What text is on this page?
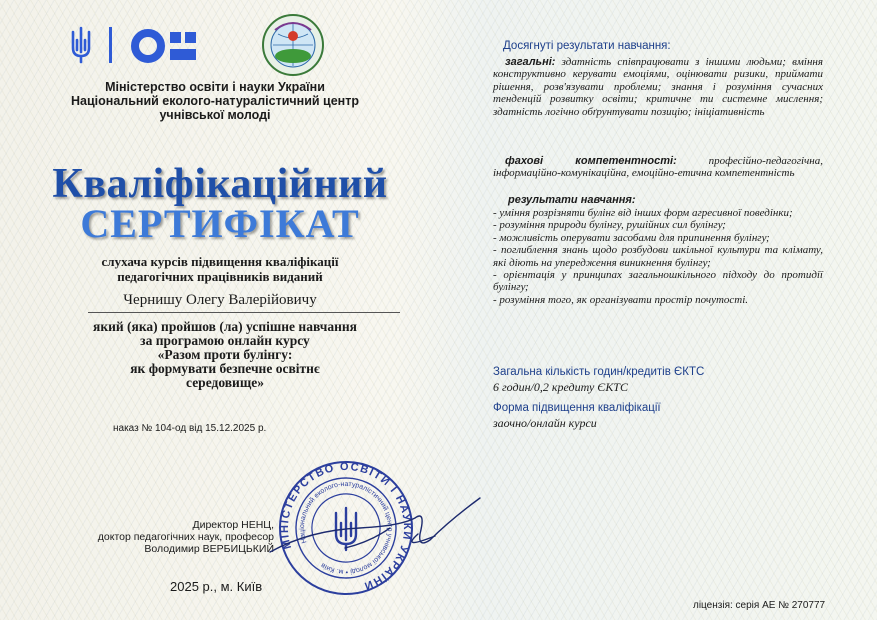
Міністерство освіти і науки України
Національний еколого-натуралістичний центр
учнівської молоді
Кваліфікаційний
СЕРТИФІКАТ
слухача курсів підвищення кваліфікації
педагогічних працівників виданий
Чернишу Олегу Валерійовичу
який (яка) пройшов (ла) успішне навчання
за програмою онлайн курсу
«Разом проти булінгу:
як формувати безпечне освітнє
середовище»
наказ № 104-од від 15.12.2025 р.
Директор НЕНЦ,
доктор педагогічних наук, професор
Володимир ВЕРБИЦЬКИЙ МІНІСТЕРСТВО ОСВІТИ І НАУКИ УКРАЇНИ
Національний еколого-натуралістичний центр учнівської молоді • м. Київ
2025 р., м. Київ
Досягнуті результати навчання:
загальні: здатність співпрацювати з іншими людьми; вміння конструктивно керувати емоціями, оцінювати ризики, приймати рішення, розв'язувати проблеми; знання і розуміння сучасних тенденцій розвитку освіти; критичне ти системне мислення; здатність логічно обґрунтувати позицію; ініціативність
фахові компетентності:	професійно-педагогічна, інформаційно-комунікаційна, емоційно-етична компетентність
результати навчання:
- уміння розрізняти булінг від інших форм агресивної поведінки;
- розуміння природи булінгу, рушійних сил булінгу;
- можливість оперувати засобами для припинення булінгу;
- поглиблення знань щодо розбудови шкільної культури та клімату, які діють на упередження виникнення булінгу;
- орієнтація у принципах загальношкільного підходу до протидії булінгу;
- розуміння того, як організувати простір почутості.
Загальна кількість годин/кредитів ЄКТС
6 годин/0,2 кредиту ЄКТС
Форма підвищення кваліфікації
заочно/онлайн курси
ліцензія: серія АЕ № 270777
